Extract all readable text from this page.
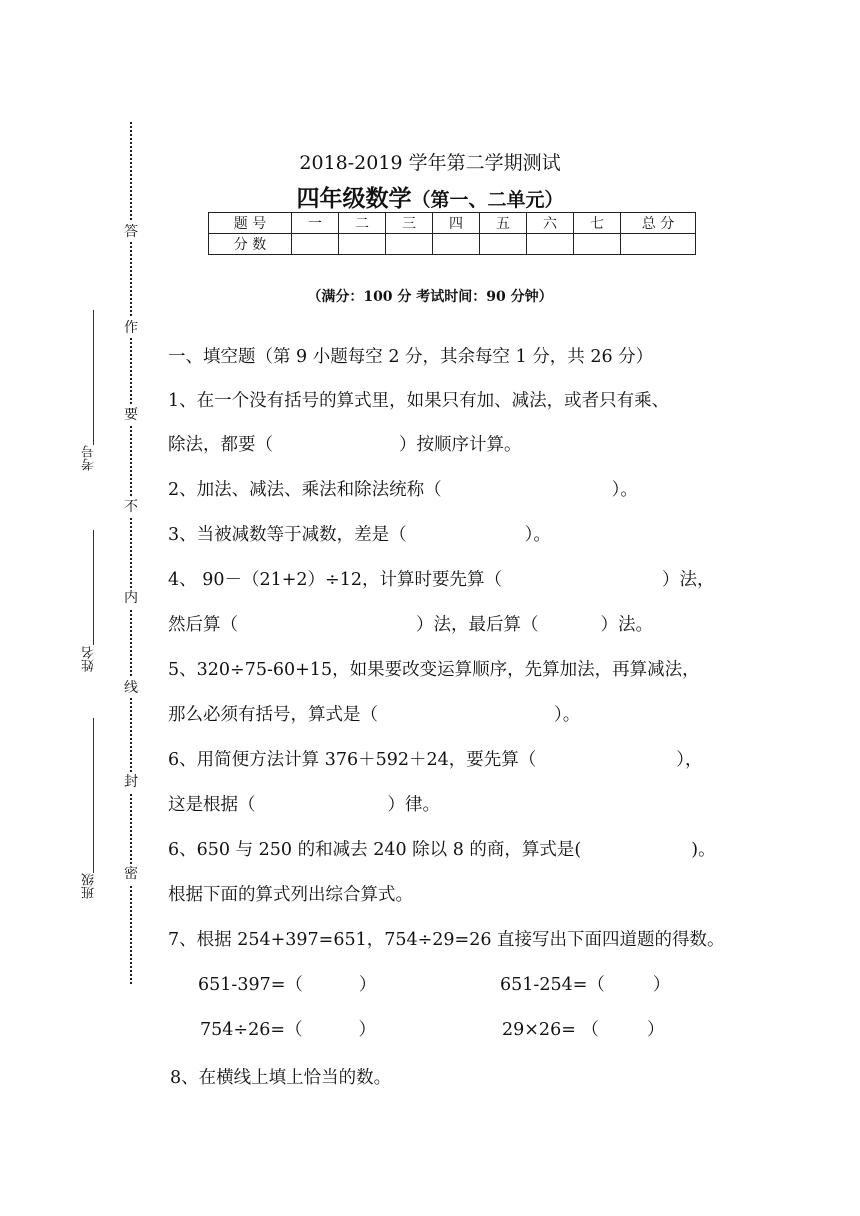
答
作
要
不
内
线
封
密
考号
姓名
班级
2018-2019 学年第二学期测试
四年级数学（第一、二单元）
题 号	一	二	三	四	五	六	七	总 分
分 数								
（满分：100 分 考试时间：90 分钟）
一、填空题（第 9 小题每空 2 分，其余每空 1 分，共 26 分）
1、在一个没有括号的算式里，如果只有加、减法，或者只有乘、
除法，都要（	）按顺序计算。
2、加法、减法、乘法和除法统称（	）。
3、当被减数等于减数，差是（	）。
4、 90－（21+2）÷12，计算时要先算（	）法，
然后算（	）法，最后算（	）法。
5、320÷75-60+15，如果要改变运算顺序，先算加法，再算减法，
那么必须有括号，算式是（	）。
6、用简便方法计算 376＋592＋24，要先算（	），
这是根据（	）律。
6、650 与 250 的和减去 240 除以 8 的商，算式是(	)。
根据下面的算式列出综合算式。
7、根据 254+397=651，754÷29=26 直接写出下面四道题的得数。
651-397=（	）	651-254=（	）
754÷26=（	）	29×26= （	）
8、在横线上填上恰当的数。
